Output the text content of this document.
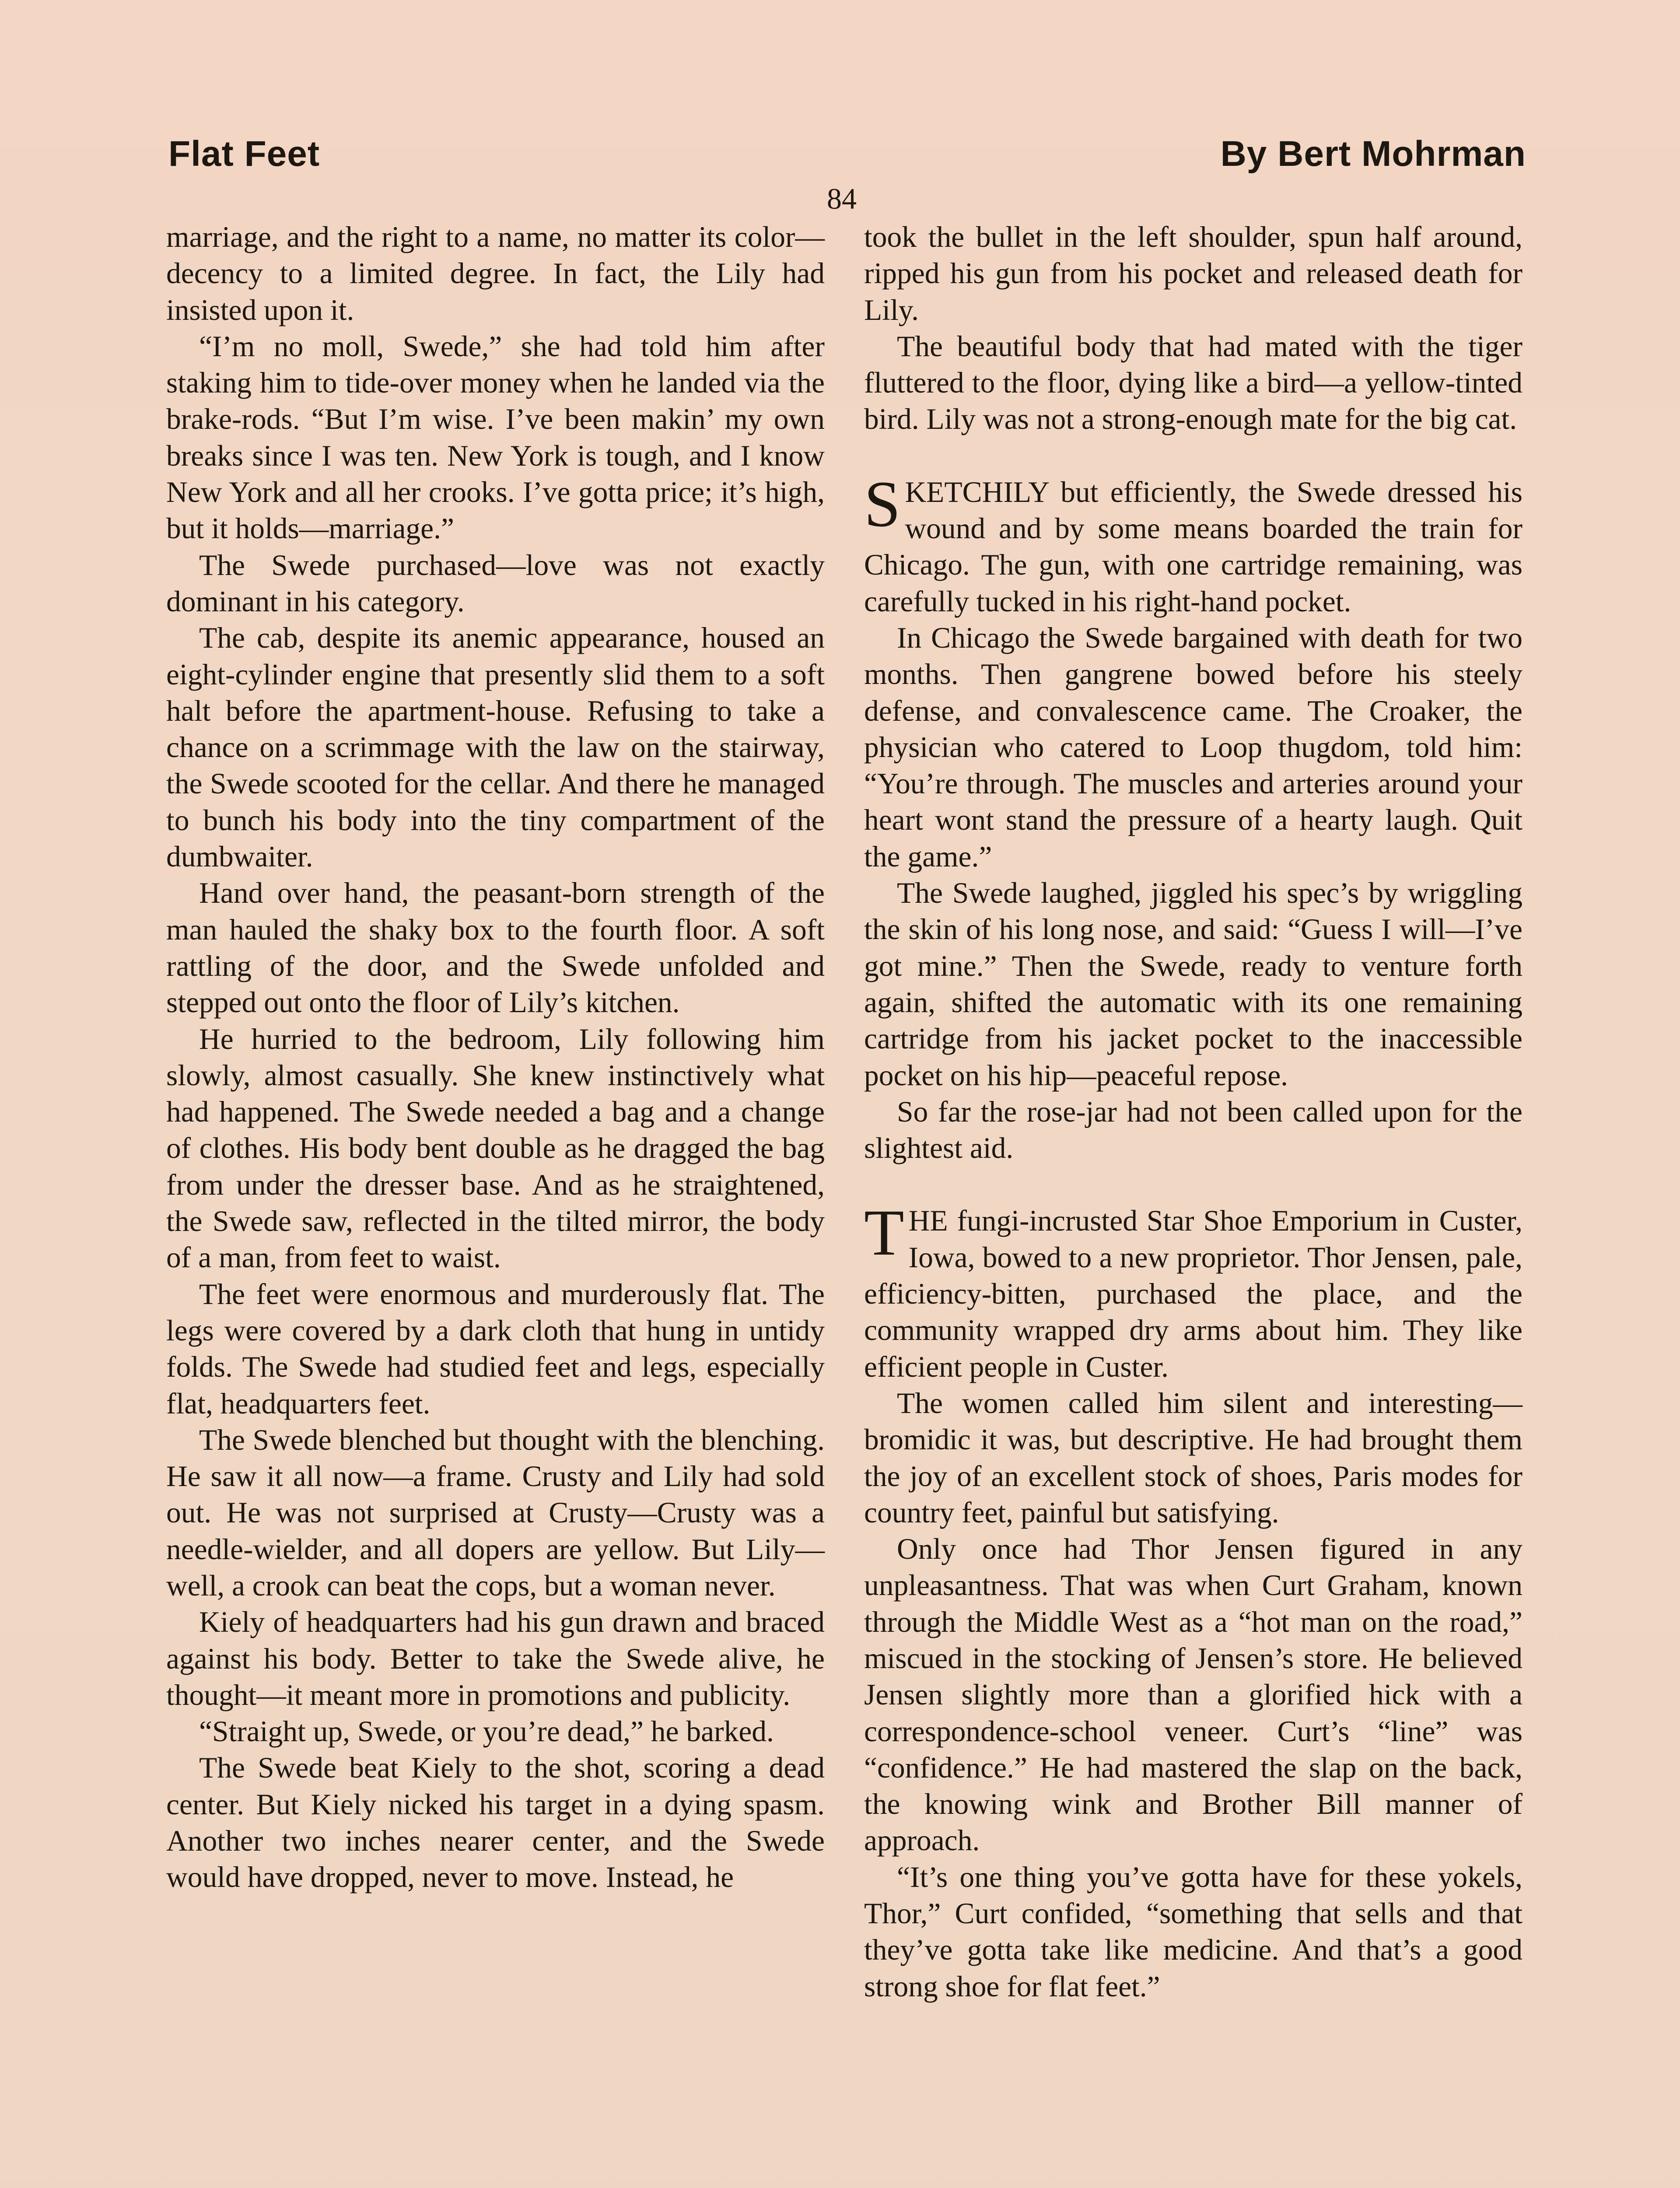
Flat Feet	By Bert Mohrman
84

marriage, and the right to a name, no matter its color—decency to a limited degree. In fact, the Lily had insisted upon it.

“I’m no moll, Swede,” she had told him after staking him to tide-over money when he landed via the brake-rods. “But I’m wise. I’ve been makin’ my own breaks since I was ten. New York is tough, and I know New York and all her crooks. I’ve gotta price; it’s high, but it holds—marriage.”

The Swede purchased—love was not exactly dominant in his category.

The cab, despite its anemic appearance, housed an eight-cylinder engine that presently slid them to a soft halt before the apartment-house. Refusing to take a chance on a scrimmage with the law on the stairway, the Swede scooted for the cellar. And there he managed to bunch his body into the tiny compartment of the dumbwaiter.

Hand over hand, the peasant-born strength of the man hauled the shaky box to the fourth floor. A soft rattling of the door, and the Swede unfolded and stepped out onto the floor of Lily’s kitchen.

He hurried to the bedroom, Lily following him slowly, almost casually. She knew instinctively what had happened. The Swede needed a bag and a change of clothes. His body bent double as he dragged the bag from under the dresser base. And as he straightened, the Swede saw, reflected in the tilted mirror, the body of a man, from feet to waist.

The feet were enormous and murderously flat. The legs were covered by a dark cloth that hung in untidy folds. The Swede had studied feet and legs, especially flat, headquarters feet.

The Swede blenched but thought with the blenching. He saw it all now—a frame. Crusty and Lily had sold out. He was not surprised at Crusty—Crusty was a needle-wielder, and all dopers are yellow. But Lily—well, a crook can beat the cops, but a woman never.

Kiely of headquarters had his gun drawn and braced against his body. Better to take the Swede alive, he thought—it meant more in promotions and publicity.

“Straight up, Swede, or you’re dead,” he barked.

The Swede beat Kiely to the shot, scoring a dead center. But Kiely nicked his target in a dying spasm. Another two inches nearer center, and the Swede would have dropped, never to move. Instead, he

took the bullet in the left shoulder, spun half around, ripped his gun from his pocket and released death for Lily.

The beautiful body that had mated with the tiger fluttered to the floor, dying like a bird—a yellow-tinted bird. Lily was not a strong-enough mate for the big cat.

SKETCHILY but efficiently, the Swede dressed his wound and by some means boarded the train for Chicago. The gun, with one cartridge remaining, was carefully tucked in his right-hand pocket.

In Chicago the Swede bargained with death for two months. Then gangrene bowed before his steely defense, and convalescence came. The Croaker, the physician who catered to Loop thugdom, told him: “You’re through. The muscles and arteries around your heart wont stand the pressure of a hearty laugh. Quit the game.”

The Swede laughed, jiggled his spec’s by wriggling the skin of his long nose, and said: “Guess I will—I’ve got mine.” Then the Swede, ready to venture forth again, shifted the automatic with its one remaining cartridge from his jacket pocket to the inaccessible pocket on his hip—peaceful repose.

So far the rose-jar had not been called upon for the slightest aid.

THE fungi-incrusted Star Shoe Emporium in Custer, Iowa, bowed to a new proprietor. Thor Jensen, pale, efficiency-bitten, purchased the place, and the community wrapped dry arms about him. They like efficient people in Custer.

The women called him silent and interesting—bromidic it was, but descriptive. He had brought them the joy of an excellent stock of shoes, Paris modes for country feet, painful but satisfying.

Only once had Thor Jensen figured in any unpleasantness. That was when Curt Graham, known through the Middle West as a “hot man on the road,” miscued in the stocking of Jensen’s store. He believed Jensen slightly more than a glorified hick with a correspondence-school veneer. Curt’s “line” was “confidence.” He had mastered the slap on the back, the knowing wink and Brother Bill manner of approach.

“It’s one thing you’ve gotta have for these yokels, Thor,” Curt confided, “something that sells and that they’ve gotta take like medicine. And that’s a good strong shoe for flat feet.”
